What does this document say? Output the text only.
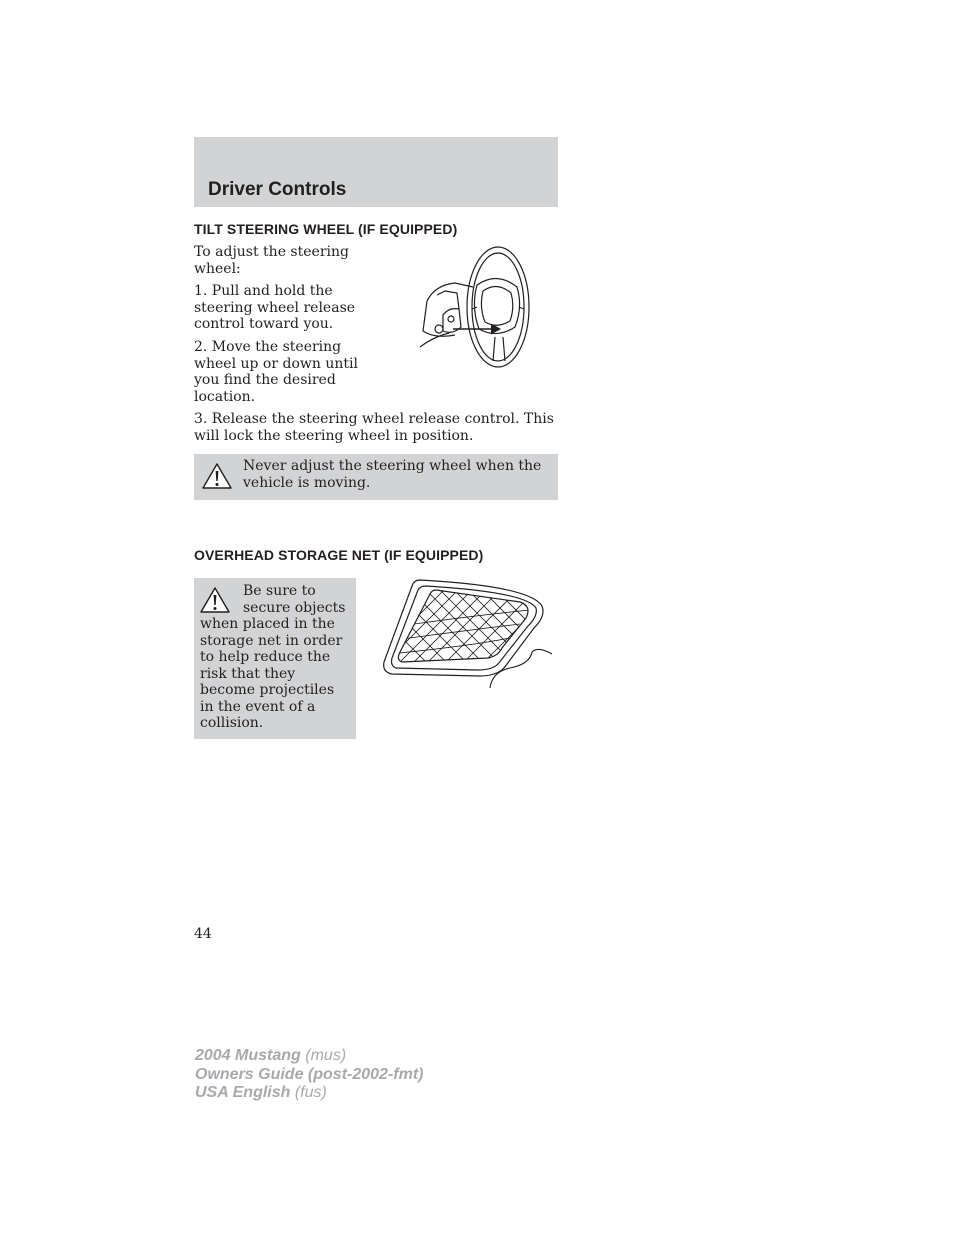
Driver Controls
TILT STEERING WHEEL (IF EQUIPPED)

To adjust the steering wheel:

1. Pull and hold the steering wheel release control toward you.

2. Move the steering wheel up or down until you find the desired location.

3. Release the steering wheel release control. This will lock the steering wheel in position.

Never adjust the steering wheel when the vehicle is moving.

OVERHEAD STORAGE NET (IF EQUIPPED)

Be sure to secure objects

when placed in the storage net in order to help reduce the risk that they become projectiles in the event of a collision.

44

2004 Mustang (mus)
Owners Guide (post-2002-fmt)
USA English (fus)
